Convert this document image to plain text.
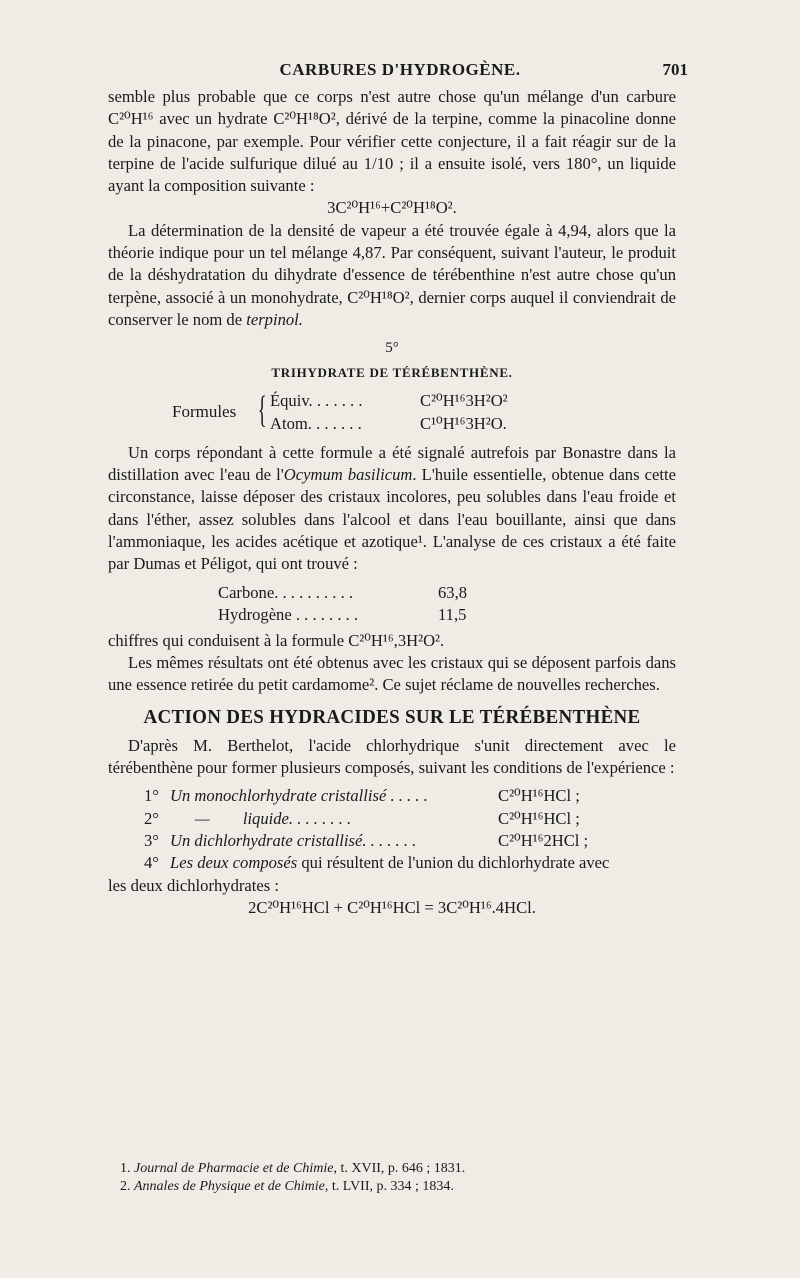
CARBURES D'HYDROGÈNE.	701

semble plus probable que ce corps n'est autre chose qu'un mélange d'un carbure C²⁰H¹⁶ avec un hydrate C²⁰H¹⁸O², dérivé de la terpine, comme la pinacoline donne de la pinacone, par exemple. Pour vérifier cette conjecture, il a fait réagir sur de la terpine de l'acide sulfurique dilué au 1/10 ; il a ensuite isolé, vers 180°, un liquide ayant la composition suivante :

3C²⁰H¹⁶+C²⁰H¹⁸O².

La détermination de la densité de vapeur a été trouvée égale à 4,94, alors que la théorie indique pour un tel mélange 4,87. Par conséquent, suivant l'auteur, le produit de la déshydratation du dihydrate d'essence de térébenthine n'est autre chose qu'un terpène, associé à un monohydrate, C²⁰H¹⁸O², dernier corps auquel il conviendrait de conserver le nom de terpinol.

5°
TRIHYDRATE DE TÉRÉBENTHÈNE.
Formules { Équiv. . . . . . .	C²⁰H¹⁶3H²O²
Atom. . . . . . .	C¹⁰H¹⁶3H²O.

Un corps répondant à cette formule a été signalé autrefois par Bonastre dans la distillation avec l'eau de l'Ocymum basilicum. L'huile essentielle, obtenue dans cette circonstance, laisse déposer des cristaux incolores, peu solubles dans l'eau froide et dans l'éther, assez solubles dans l'alcool et dans l'eau bouillante, ainsi que dans l'ammoniaque, les acides acétique et azotique¹. L'analyse de ces cristaux a été faite par Dumas et Péligot, qui ont trouvé :

Carbone. . . . . . . . . .	63,8
Hydrogène . . . . . . . .	11,5

chiffres qui conduisent à la formule C²⁰H¹⁶,3H²O².

Les mêmes résultats ont été obtenus avec les cristaux qui se déposent parfois dans une essence retirée du petit cardamome². Ce sujet réclame de nouvelles recherches.

ACTION DES HYDRACIDES SUR LE TÉRÉBENTHÈNE

D'après M. Berthelot, l'acide chlorhydrique s'unit directement avec le térébenthène pour former plusieurs composés, suivant les conditions de l'expérience :

1° Un monochlorhydrate cristallisé . . . . .	C²⁰H¹⁶HCl ;
2°      —        liquide. . . . . . . .	C²⁰H¹⁶HCl ;
3° Un dichlorhydrate cristallisé. . . . . . .	C²⁰H¹⁶2HCl ;
4° Les deux composés qui résultent de l'union du dichlorhydrate avec

les deux dichlorhydrates :

2C²⁰H¹⁶HCl + C²⁰H¹⁶HCl = 3C²⁰H¹⁶.4HCl.

1. Journal de Pharmacie et de Chimie, t. XVII, p. 646 ; 1831.
2. Annales de Physique et de Chimie, t. LVII, p. 334 ; 1834.
